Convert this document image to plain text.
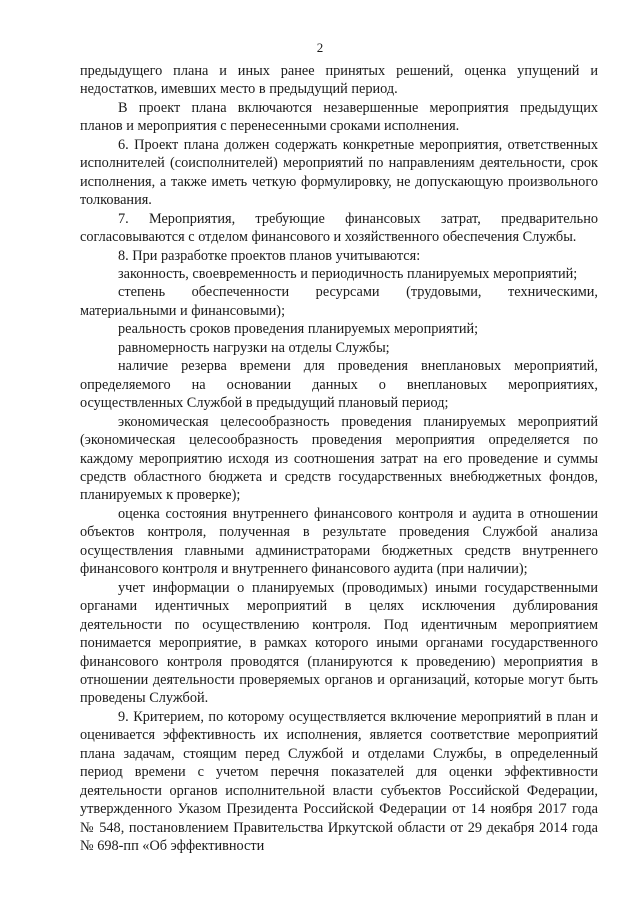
2

предыдущего плана и иных ранее принятых решений, оценка упущений и недостатков, имевших место в предыдущий период.

В проект плана включаются незавершенные мероприятия предыдущих планов и мероприятия с перенесенными сроками исполнения.

6. Проект плана должен содержать конкретные мероприятия, ответственных исполнителей (соисполнителей) мероприятий по направлениям деятельности, срок исполнения, а также иметь четкую формулировку, не допускающую произвольного толкования.

7. Мероприятия, требующие финансовых затрат, предварительно согласовываются с отделом финансового и хозяйственного обеспечения Службы.

8. При разработке проектов планов учитываются:

законность, своевременность и периодичность планируемых мероприятий;

степень обеспеченности ресурсами (трудовыми, техническими, материальными и финансовыми);

реальность сроков проведения планируемых мероприятий;

равномерность нагрузки на отделы Службы;

наличие резерва времени для проведения внеплановых мероприятий, определяемого на основании данных о внеплановых мероприятиях, осуществленных Службой в предыдущий плановый период;

экономическая целесообразность проведения планируемых мероприятий (экономическая целесообразность проведения мероприятия определяется по каждому мероприятию исходя из соотношения затрат на его проведение и суммы средств областного бюджета и средств государственных внебюджетных фондов, планируемых к проверке);

оценка состояния внутреннего финансового контроля и аудита в отношении объектов контроля, полученная в результате проведения Службой анализа осуществления главными администраторами бюджетных средств внутреннего финансового контроля и внутреннего финансового аудита (при наличии);

учет информации о планируемых (проводимых) иными государственными органами идентичных мероприятий в целях исключения дублирования деятельности по осуществлению контроля. Под идентичным мероприятием понимается мероприятие, в рамках которого иными органами государственного финансового контроля проводятся (планируются к проведению) мероприятия в отношении деятельности проверяемых органов и организаций, которые могут быть проведены Службой.

9. Критерием, по которому осуществляется включение мероприятий в план и оценивается эффективность их исполнения, является соответствие мероприятий плана задачам, стоящим перед Службой и отделами Службы, в определенный период времени с учетом перечня показателей для оценки эффективности деятельности органов исполнительной власти субъектов Российской Федерации, утвержденного Указом Президента Российской Федерации от 14 ноября 2017 года № 548, постановлением Правительства Иркутской области от 29 декабря 2014 года № 698-пп «Об эффективности
